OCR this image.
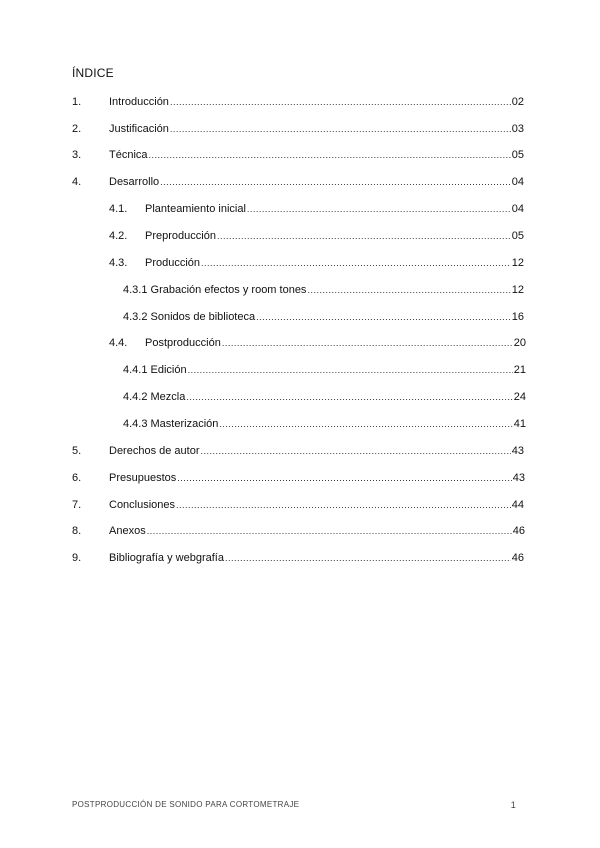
ÍNDICE
1.	Introducción .....	02
2.	Justificación .....	03
3.	Técnica .....	05
4.	Desarrollo .....	04
4.1. Planteamiento inicial .....	04
4.2. Preproducción .....	05
4.3. Producción .....	12
4.3.1 Grabación efectos y room tones .....	12
4.3.2 Sonidos de biblioteca .....	16
4.4. Postproducción .....	20
4.4.1 Edición .....	21
4.4.2 Mezcla .....	24
4.4.3 Masterización .....	41
5.	Derechos de autor .....	43
6.	Presupuestos .....	43
7.	Conclusiones .....	44
8.	Anexos .....	46
9.	Bibliografía y webgrafía .....	46
POSTPRODUCCIÓN DE SONIDO PARA CORTOMETRAJE	1
